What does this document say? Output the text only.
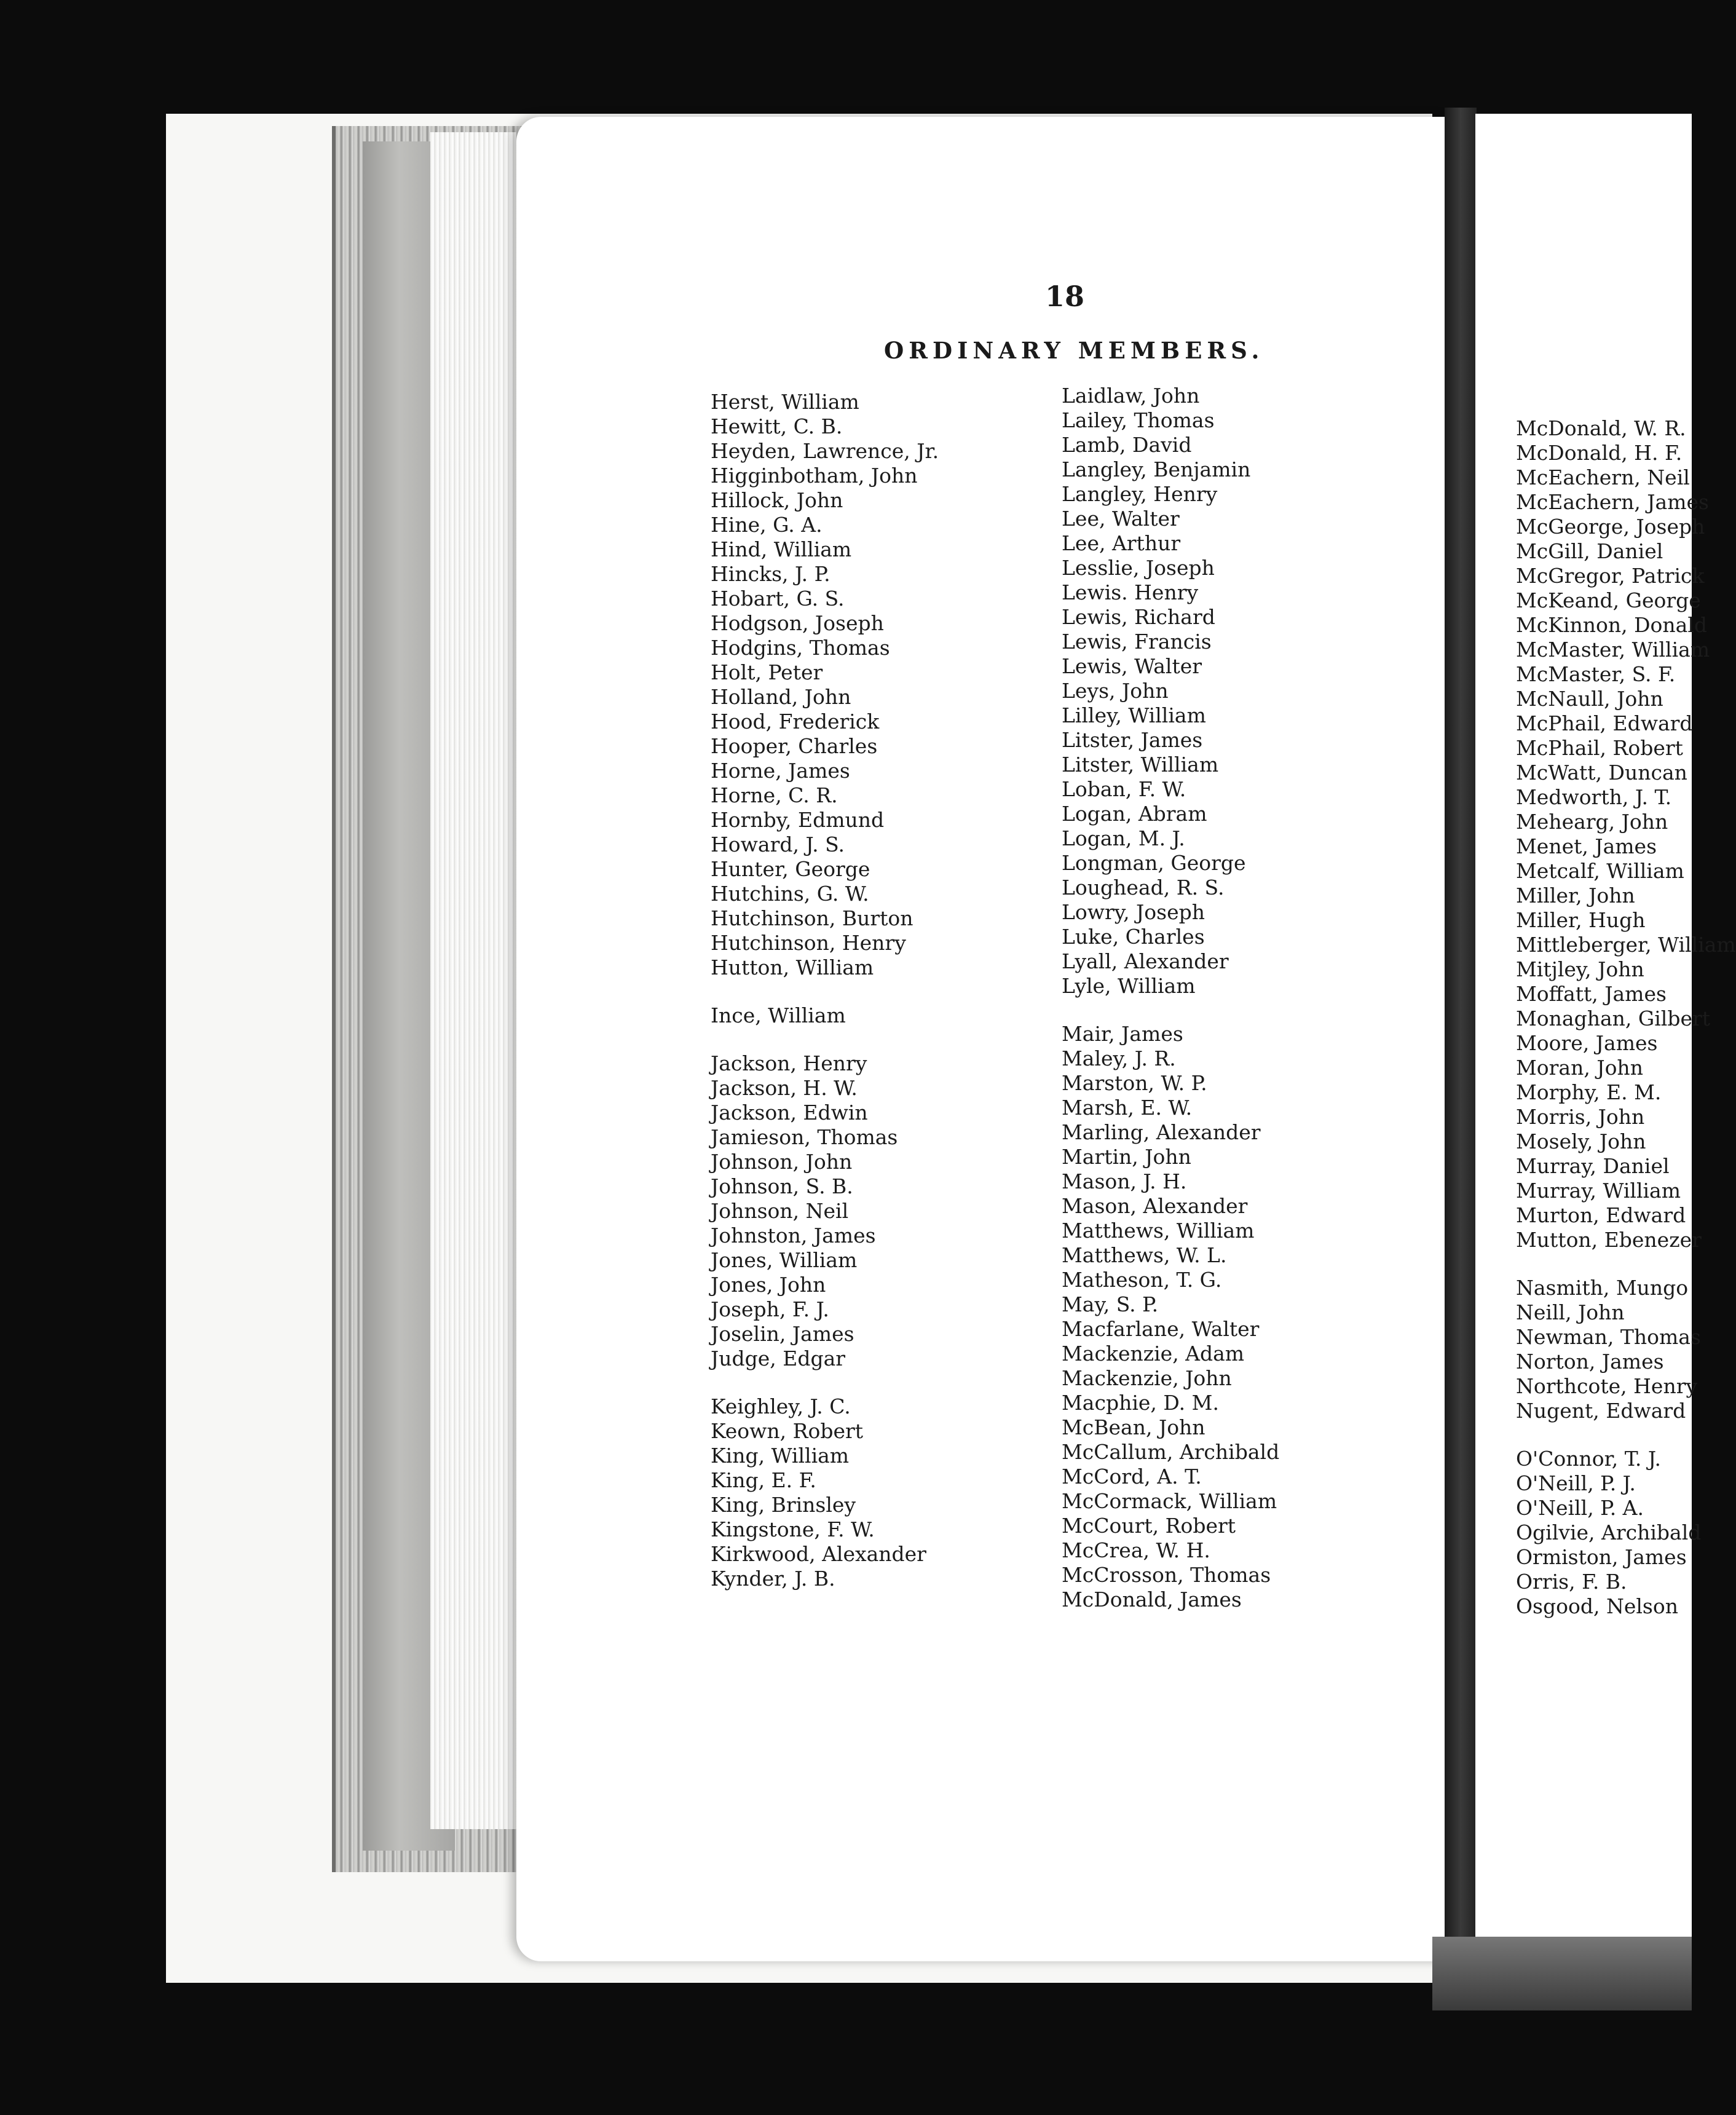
18
ORDINARY MEMBERS.
Herst, William
Hewitt, C. B.
Heyden, Lawrence, Jr.
Higginbotham, John
Hillock, John
Hine, G. A.
Hind, William
Hincks, J. P.
Hobart, G. S.
Hodgson, Joseph
Hodgins, Thomas
Holt, Peter
Holland, John
Hood, Frederick
Hooper, Charles
Horne, James
Horne, C. R.
Hornby, Edmund
Howard, J. S.
Hunter, George
Hutchins, G. W.
Hutchinson, Burton
Hutchinson, Henry
Hutton, William
Ince, William
Jackson, Henry
Jackson, H. W.
Jackson, Edwin
Jamieson, Thomas
Johnson, John
Johnson, S. B.
Johnson, Neil
Johnston, James
Jones, William
Jones, John
Joseph, F. J.
Joselin, James
Judge, Edgar
Keighley, J. C.
Keown, Robert
King, William
King, E. F.
King, Brinsley
Kingstone, F. W.
Kirkwood, Alexander
Kynder, J. B.
Laidlaw, John
Lailey, Thomas
Lamb, David
Langley, Benjamin
Langley, Henry
Lee, Walter
Lee, Arthur
Lesslie, Joseph
Lewis. Henry
Lewis, Richard
Lewis, Francis
Lewis, Walter
Leys, John
Lilley, William
Litster, James
Litster, William
Loban, F. W.
Logan, Abram
Logan, M. J.
Longman, George
Loughead, R. S.
Lowry, Joseph
Luke, Charles
Lyall, Alexander
Lyle, William
Mair, James
Maley, J. R.
Marston, W. P.
Marsh, E. W.
Marling, Alexander
Martin, John
Mason, J. H.
Mason, Alexander
Matthews, William
Matthews, W. L.
Matheson, T. G.
May, S. P.
Macfarlane, Walter
Mackenzie, Adam
Mackenzie, John
Macphie, D. M.
McBean, John
McCallum, Archibald
McCord, A. T.
McCormack, William
McCourt, Robert
McCrea, W. H.
McCrosson, Thomas
McDonald, James
McDonald, W. R.
McDonald, H. F.
McEachern, Neil
McEachern, James
McGeorge, Joseph
McGill, Daniel
McGregor, Patrick
McKeand, George
McKinnon, Donald
McMaster, William
McMaster, S. F.
McNaull, John
McPhail, Edward
McPhail, Robert
McWatt, Duncan
Medworth, J. T.
Mehearg, John
Menet, James
Metcalf, William
Miller, John
Miller, Hugh
Mittleberger, William
Mitjley, John
Moffatt, James
Monaghan, Gilbert
Moore, James
Moran, John
Morphy, E. M.
Morris, John
Mosely, John
Murray, Daniel
Murray, William
Murton, Edward
Mutton, Ebenezer
Nasmith, Mungo
Neill, John
Newman, Thomas
Norton, James
Northcote, Henry
Nugent, Edward
O'Connor, T. J.
O'Neill, P. J.
O'Neill, P. A.
Ogilvie, Archibald
Ormiston, James
Orris, F. B.
Osgood, Nelson
